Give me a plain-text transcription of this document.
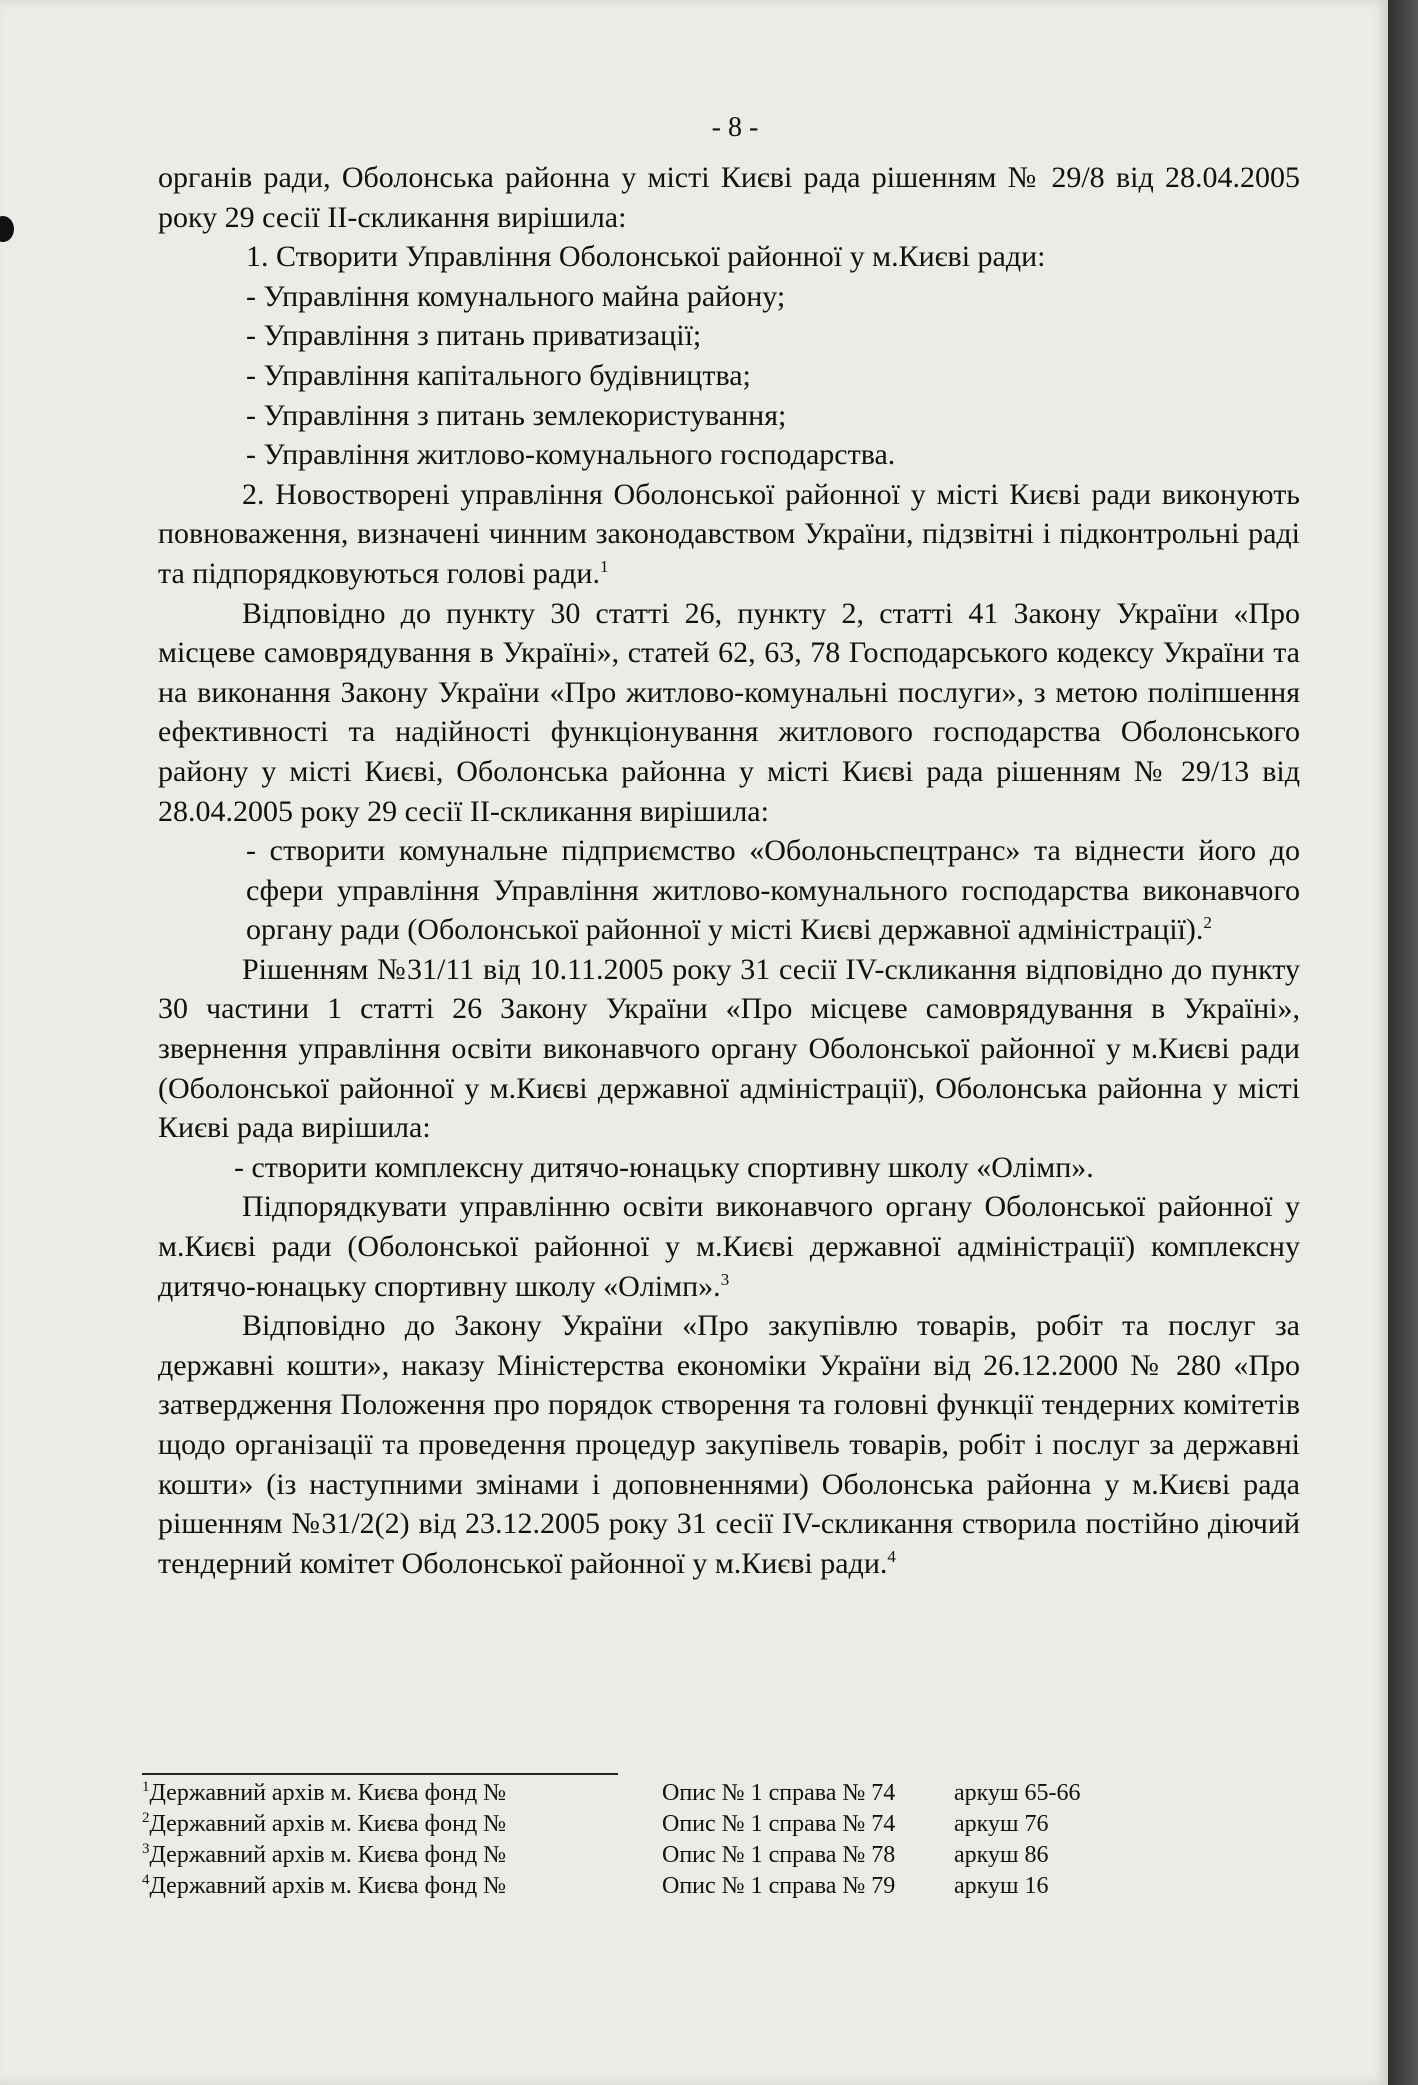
- 8 -

органів ради, Оболонська районна у місті Києві рада рішенням № 29/8 від 28.04.2005 року 29 сесії II-скликання вирішила:

1. Створити Управління Оболонської районної у м.Києві ради:

- Управління комунального майна району;

- Управління з питань приватизації;

- Управління капітального будівництва;

- Управління з питань землекористування;

- Управління житлово-комунального господарства.

2. Новостворені управління Оболонської районної у місті Києві ради виконують повноваження, визначені чинним законодавством України, підзвітні і підконтрольні раді та підпорядковуються голові ради.$^1$

Відповідно до пункту 30 статті 26, пункту 2, статті 41 Закону України «Про місцеве самоврядування в Україні», статей 62, 63, 78 Господарського кодексу України та на виконання Закону України «Про житлово-комунальні послуги», з метою поліпшення ефективності та надійності функціонування житлового господарства Оболонського району у місті Києві, Оболонська районна у місті Києві рада рішенням № 29/13 від 28.04.2005 року 29 сесії II-скликання вирішила:

- створити комунальне підприємство «Оболоньспецтранс» та віднести його до сфери управління Управління житлово-комунального господарства виконавчого органу ради (Оболонської районної у місті Києві державної адміністрації).$^2$

Рішенням №31/11 від 10.11.2005 року 31 сесії IV-скликання відповідно до пункту 30 частини 1 статті 26 Закону України «Про місцеве самоврядування в Україні», звернення управління освіти виконавчого органу Оболонської районної у м.Києві ради (Оболонської районної у м.Києві державної адміністрації), Оболонська районна у місті Києві рада вирішила:

- створити комплексну дитячо-юнацьку спортивну школу «Олімп».

Підпорядкувати управлінню освіти виконавчого органу Оболонської районної у м.Києві ради (Оболонської районної у м.Києві державної адміністрації) комплексну дитячо-юнацьку спортивну школу «Олімп».$^3$

Відповідно до Закону України «Про закупівлю товарів, робіт та послуг за державні кошти», наказу Міністерства економіки України від 26.12.2000 № 280 «Про затвердження Положення про порядок створення та головні функції тендерних комітетів щодо організації та проведення процедур закупівель товарів, робіт і послуг за державні кошти» (із наступними змінами і доповненнями) Оболонська районна у м.Києві рада рішенням №31/2(2) від 23.12.2005 року 31 сесії IV-скликання створила постійно діючий тендерний комітет Оболонської районної у м.Києві ради.$^4$

$^1$Державний архів м. Києва фонд №	Опис № 1 справа № 74	аркуш 65-66
$^2$Державний архів м. Києва фонд №	Опис № 1 справа № 74	аркуш 76
$^3$Державний архів м. Києва фонд №	Опис № 1 справа № 78	аркуш 86
$^4$Державний архів м. Києва фонд №	Опис № 1 справа № 79	аркуш 16
